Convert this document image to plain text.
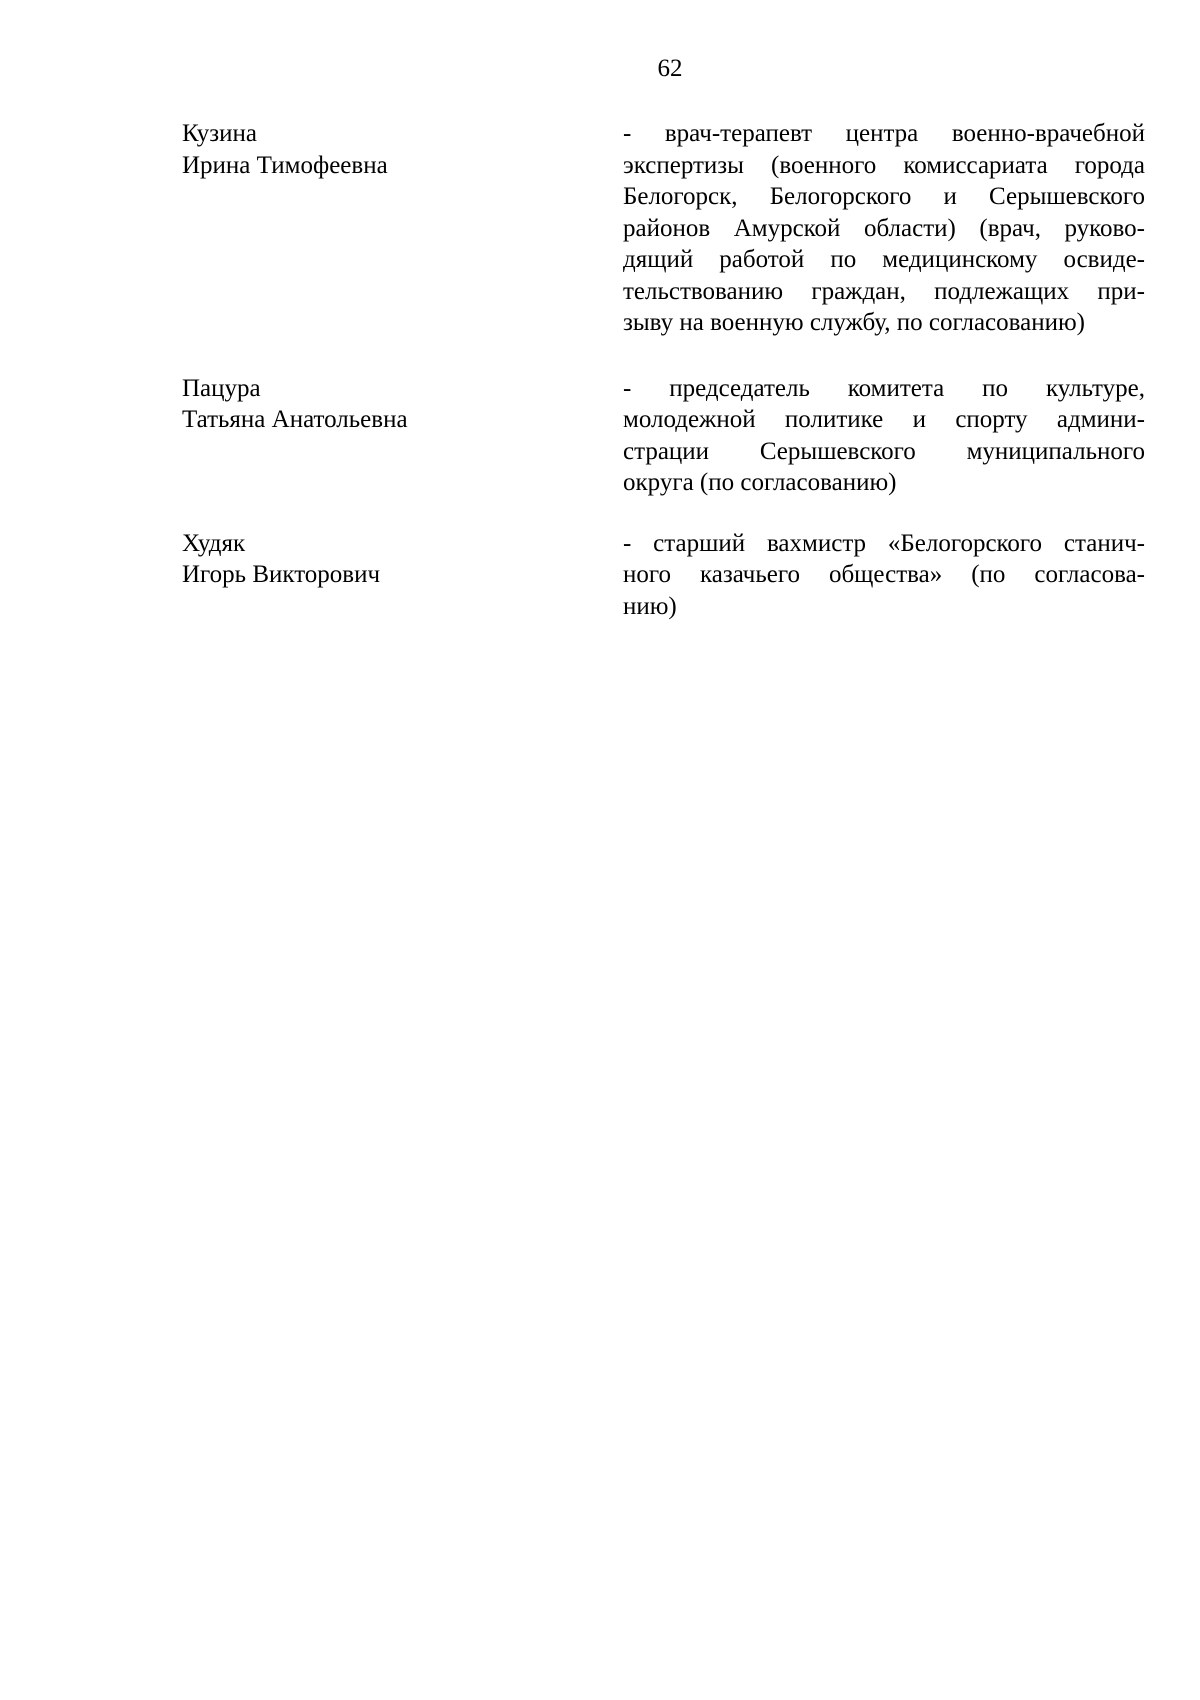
62
Кузина
Ирина Тимофеевна
- врач-терапевт центра военно-врачебной
экспертизы (военного комиссариата города
Белогорск, Белогорского и Серышевского
районов Амурской области) (врач, руково-
дящий работой по медицинскому освиде-
тельствованию граждан, подлежащих при-
зыву на военную службу, по согласованию)
Пацура
Татьяна Анатольевна
- председатель комитета по культуре,
молодежной политике и спорту админи-
страции Серышевского муниципального
округа (по согласованию)
Худяк
Игорь Викторович
- старший вахмистр «Белогорского станич-
ного казачьего общества» (по согласова-
нию)
